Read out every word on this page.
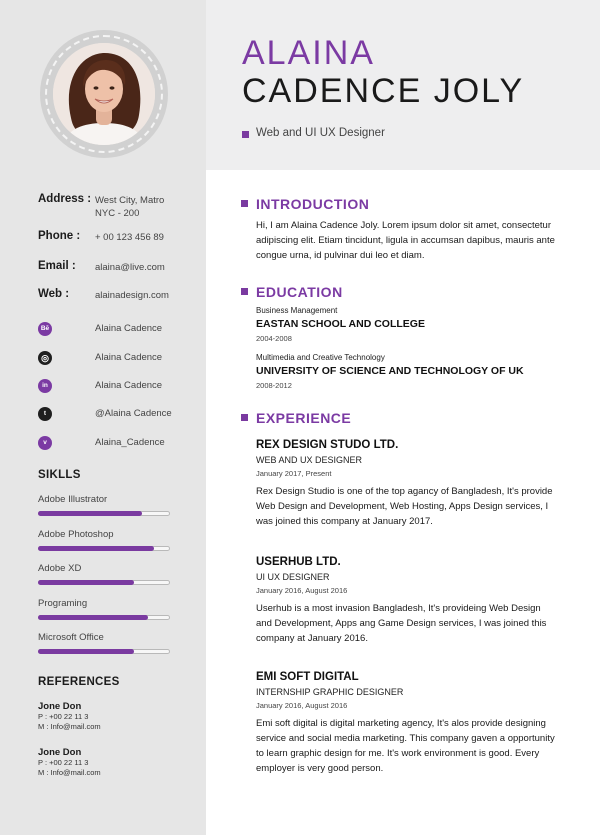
Address : West City, Matro NYC - 200
Phone : + 00 123 456 89
Email : alaina@live.com
Web :	alainadesign.com
Bē	Alaina Cadence
◎	Alaina Cadence
in	Alaina Cadence
t	@Alaina Cadence
v	Alaina_Cadence
SIKLLS
Adobe Illustrator
Adobe Photoshop
Adobe XD
Programing
Microsoft Office
REFERENCES
Jone Don
P : +00 22 11 3
M : Info@mail.com
Jone Don
P : +00 22 11 3
M : Info@mail.com
ALAINA
CADENCE JOLY
Web and UI UX Designer
INTRODUCTION
Hi, I am Alaina Cadence Joly. Lorem ipsum dolor sit amet, consectetur adipiscing elit. Etiam tincidunt, ligula in accumsan dapibus, mauris ante congue urna, id pulvinar dui leo et diam.
EDUCATION
Business Management
EASTAN SCHOOL AND COLLEGE
2004-2008
Multimedia and Creative Technology
UNIVERSITY OF SCIENCE AND TECHNOLOGY OF UK
2008-2012
EXPERIENCE
REX DESIGN STUDO LTD.
WEB AND UX DESIGNER
January 2017, Present
Rex Design Studio is one of the top agancy of Bangladesh, It's provide Web Design and Development, Web Hosting, Apps Design services, I was joined this company at January 2017.
USERHUB LTD.
UI UX DESIGNER
January 2016, August 2016
Userhub is a most invasion Bangladesh, It's provideing Web Design and Development, Apps ang Game Design services, I was joined this company at January 2016.
EMI SOFT DIGITAL
INTERNSHIP GRAPHIC DESIGNER
January 2016, August 2016
Emi soft digital is digital marketing agency, It's alos provide designing service and social media marketing. This company gaven a opportunity to learn graphic design for me. It's work environment is good. Every employer is very good person.
